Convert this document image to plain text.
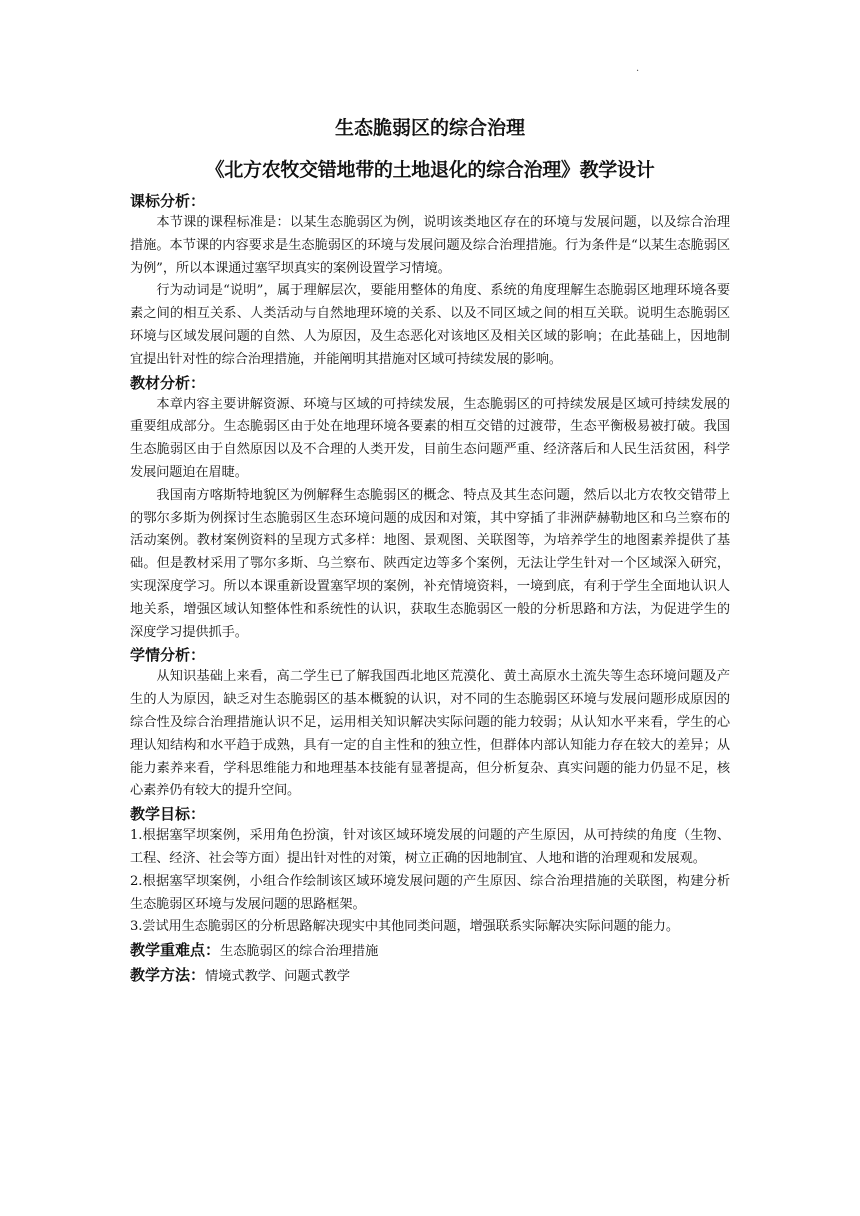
·
生态脆弱区的综合治理
《北方农牧交错地带的土地退化的综合治理》教学设计
课标分析：

本节课的课程标准是：以某生态脆弱区为例，说明该类地区存在的环境与发展问题，以及综合治理措施。本节课的内容要求是生态脆弱区的环境与发展问题及综合治理措施。行为条件是“以某生态脆弱区为例”，所以本课通过塞罕坝真实的案例设置学习情境。

行为动词是“说明”，属于理解层次，要能用整体的角度、系统的角度理解生态脆弱区地理环境各要素之间的相互关系、人类活动与自然地理环境的关系、以及不同区域之间的相互关联。说明生态脆弱区环境与区域发展问题的自然、人为原因，及生态恶化对该地区及相关区域的影响；在此基础上，因地制宜提出针对性的综合治理措施，并能阐明其措施对区域可持续发展的影响。

教材分析：

本章内容主要讲解资源、环境与区域的可持续发展，生态脆弱区的可持续发展是区域可持续发展的重要组成部分。生态脆弱区由于处在地理环境各要素的相互交错的过渡带，生态平衡极易被打破。我国生态脆弱区由于自然原因以及不合理的人类开发，目前生态问题严重、经济落后和人民生活贫困，科学发展问题迫在眉睫。

我国南方喀斯特地貌区为例解释生态脆弱区的概念、特点及其生态问题，然后以北方农牧交错带上的鄂尔多斯为例探讨生态脆弱区生态环境问题的成因和对策，其中穿插了非洲萨赫勒地区和乌兰察布的活动案例。教材案例资料的呈现方式多样：地图、景观图、关联图等，为培养学生的地图素养提供了基础。但是教材采用了鄂尔多斯、乌兰察布、陕西定边等多个案例，无法让学生针对一个区域深入研究，实现深度学习。所以本课重新设置塞罕坝的案例，补充情境资料，一境到底，有利于学生全面地认识人地关系，增强区域认知整体性和系统性的认识，获取生态脆弱区一般的分析思路和方法，为促进学生的深度学习提供抓手。

学情分析：

从知识基础上来看，高二学生已了解我国西北地区荒漠化、黄土高原水土流失等生态环境问题及产生的人为原因，缺乏对生态脆弱区的基本概貌的认识，对不同的生态脆弱区环境与发展问题形成原因的综合性及综合治理措施认识不足，运用相关知识解决实际问题的能力较弱；从认知水平来看，学生的心理认知结构和水平趋于成熟，具有一定的自主性和的独立性，但群体内部认知能力存在较大的差异；从能力素养来看，学科思维能力和地理基本技能有显著提高，但分析复杂、真实问题的能力仍显不足，核心素养仍有较大的提升空间。

教学目标：

1.根据塞罕坝案例，采用角色扮演，针对该区域环境发展的问题的产生原因，从可持续的角度（生物、工程、经济、社会等方面）提出针对性的对策，树立正确的因地制宜、人地和谐的治理观和发展观。

2.根据塞罕坝案例，小组合作绘制该区域环境发展问题的产生原因、综合治理措施的关联图，构建分析生态脆弱区环境与发展问题的思路框架。

3.尝试用生态脆弱区的分析思路解决现实中其他同类问题，增强联系实际解决实际问题的能力。

教学重难点：生态脆弱区的综合治理措施
教学方法：情境式教学、问题式教学
